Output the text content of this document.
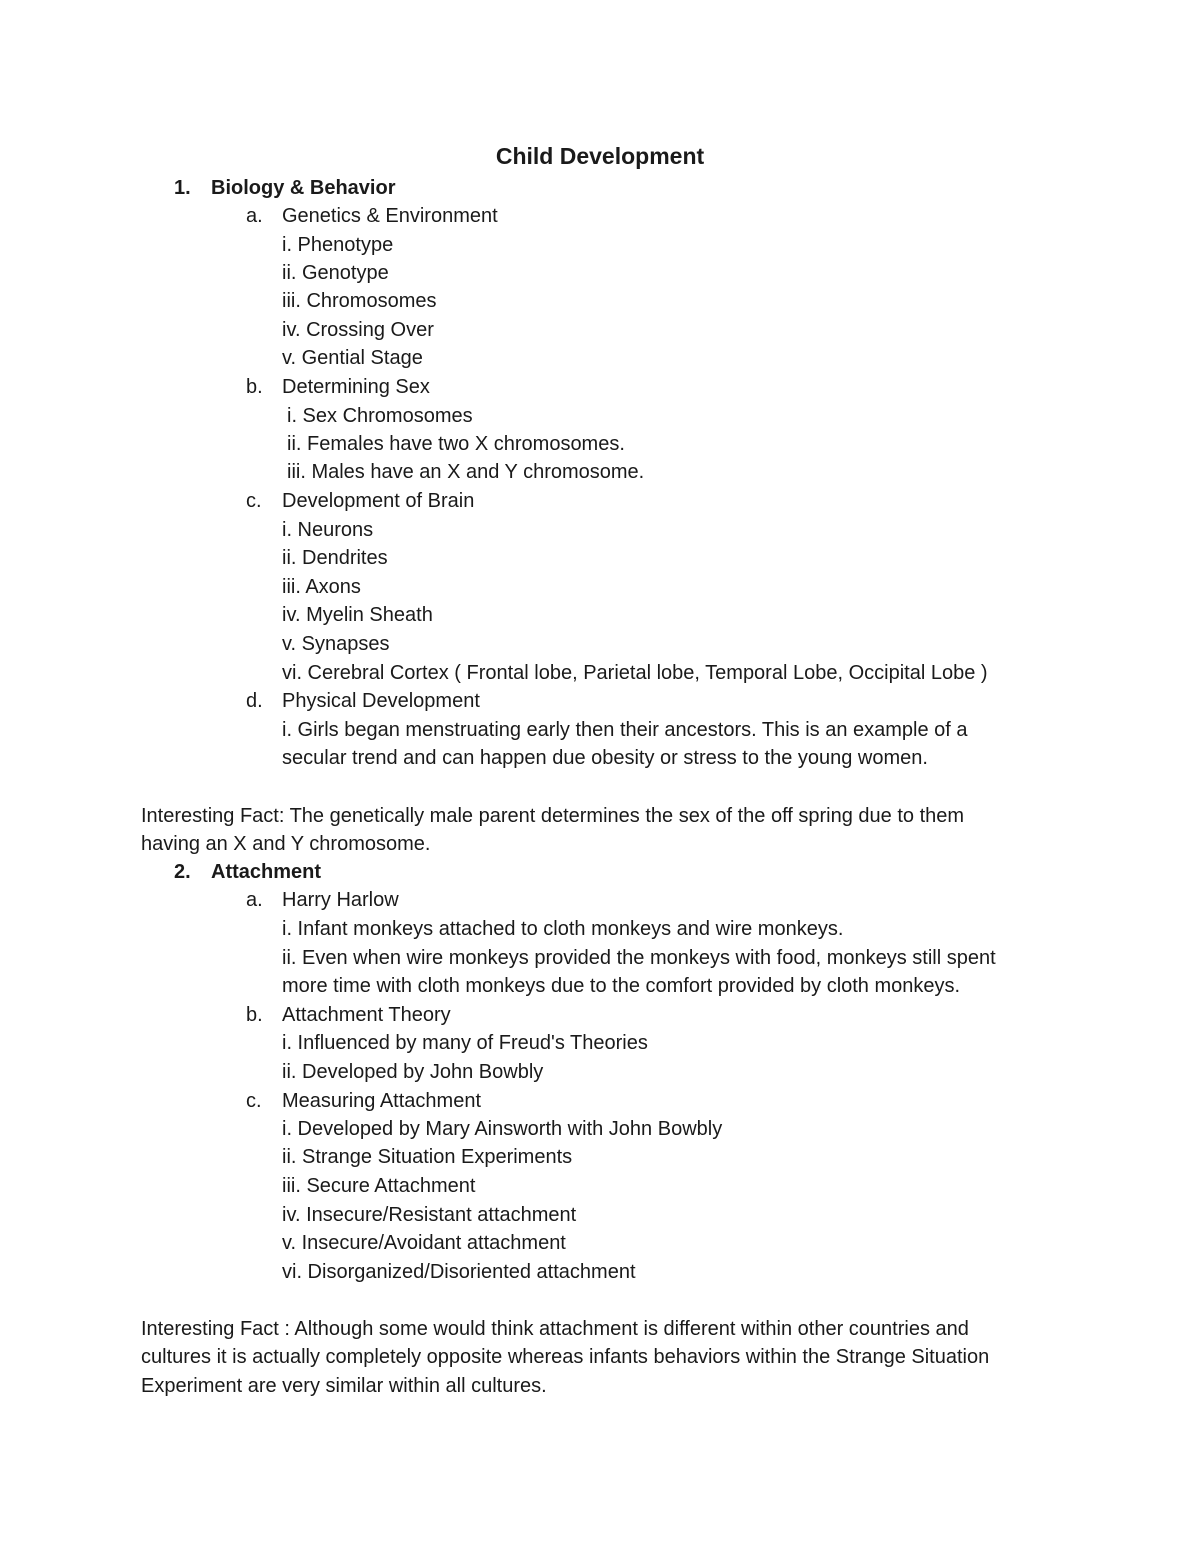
Child Development
1. Biology & Behavior
a. Genetics & Environment
i. Phenotype
ii. Genotype
iii. Chromosomes
iv. Crossing Over
v. Gential Stage
b. Determining Sex
i. Sex Chromosomes
ii. Females have two X chromosomes.
iii. Males have an X and Y chromosome.
c. Development of Brain
i. Neurons
ii. Dendrites
iii. Axons
iv. Myelin Sheath
v. Synapses
vi. Cerebral Cortex ( Frontal lobe, Parietal lobe, Temporal Lobe, Occipital Lobe )
d. Physical Development
i. Girls began menstruating early then their ancestors. This is an example of a
secular trend and can happen due obesity or stress to the young women.
Interesting Fact: The genetically male parent determines the sex of the off spring due to them
having an X and Y chromosome.
2. Attachment
a. Harry Harlow
i. Infant monkeys attached to cloth monkeys and wire monkeys.
ii. Even when wire monkeys provided the monkeys with food, monkeys still spent
more time with cloth monkeys due to the comfort provided by cloth monkeys.
b. Attachment Theory
i. Influenced by many of Freud's Theories
ii. Developed by John Bowbly
c. Measuring Attachment
i. Developed by Mary Ainsworth with John Bowbly
ii. Strange Situation Experiments
iii. Secure Attachment
iv. Insecure/Resistant attachment
v. Insecure/Avoidant attachment
vi. Disorganized/Disoriented attachment
Interesting Fact : Although some would think attachment is different within other countries and
cultures it is actually completely opposite whereas infants behaviors within the Strange Situation
Experiment are very similar within all cultures.
